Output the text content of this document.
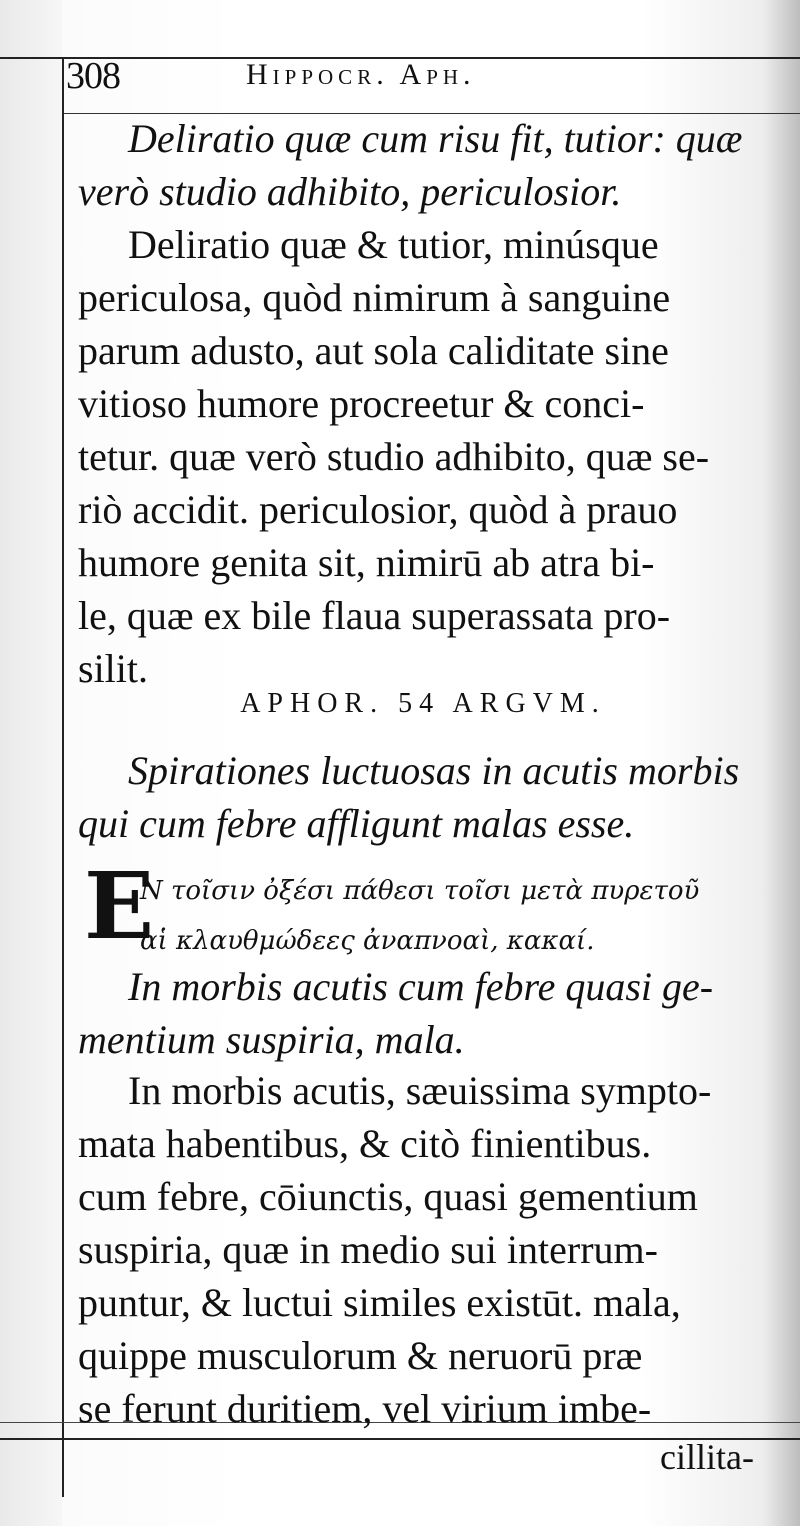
308	Hippocr. Aph.
Deliratio quæ cum risu fit, tutior: quæ
verò studio adhibito, periculosior.
Deliratio quæ & tutior, minúsque
periculosa, quòd nimirum à sanguine
parum adusto, aut sola caliditate sine
vitioso humore procreetur & conci-
tetur. quæ verò studio adhibito, quæ se-
riò accidit. periculosior, quòd à prauo
humore genita sit, nimirū ab atra bi-
le, quæ ex bile flaua superassata pro-
silit.
APHOR. 54 ARGVM.
Spirationes luctuosas in acutis morbis
qui cum febre affligunt malas esse.
E
N τοῖσιν ὀξέσι πάθεσι τοῖσι μετὰ πυρετοῦ
αἱ κλαυθμώδεες ἀναπνοαὶ, κακαί.
In morbis acutis cum febre quasi ge-
mentium suspiria, mala.
In morbis acutis, sæuissima sympto-
mata habentibus, & citò finientibus.
cum febre, cōiunctis, quasi gementium
suspiria, quæ in medio sui interrum-
puntur, & luctui similes existūt. mala,
quippe musculorum & neruorū præ
se ferunt duritiem, vel virium imbe-
cillita-
